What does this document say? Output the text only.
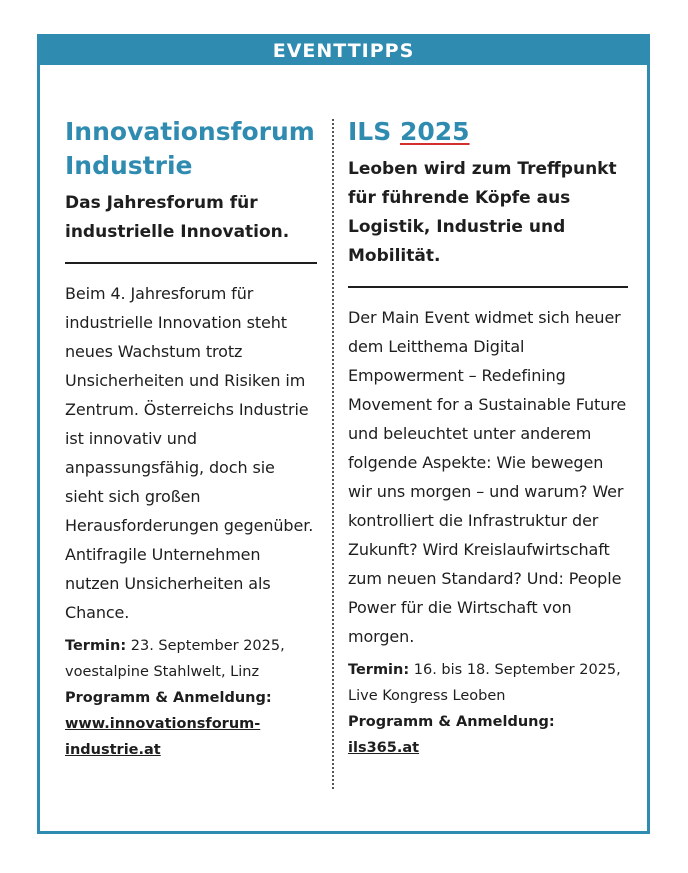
EVENTTIPPS
Innovationsforum
Industrie

Das Jahresforum für industrielle Innovation.

Beim 4. Jahresforum für industrielle Innovation steht neues Wachstum trotz Unsicherheiten und Risiken im Zentrum. Österreichs Industrie ist innovativ und anpassungsfähig, doch sie sieht sich großen Herausforderungen gegenüber. Antifragile Unternehmen nutzen Unsicherheiten als Chance.

Termin: 23. September 2025, voestalpine Stahlwelt, Linz

Programm & Anmeldung:

www.innovationsforum-industrie.at

ILS 2025

Leoben wird zum Treffpunkt für führende Köpfe aus Logistik, Industrie und Mobilität.

Der Main Event widmet sich heuer dem Leitthema Digital Empowerment – Redefining Movement for a Sustainable Future und beleuchtet unter anderem folgende Aspekte: Wie bewegen wir uns morgen – und warum? Wer kontrolliert die Infrastruktur der Zukunft? Wird Kreislaufwirtschaft zum neuen Standard? Und: People Power für die Wirtschaft von morgen.

Termin: 16. bis 18. September 2025, Live Kongress Leoben

Programm & Anmeldung:

ils365.at
